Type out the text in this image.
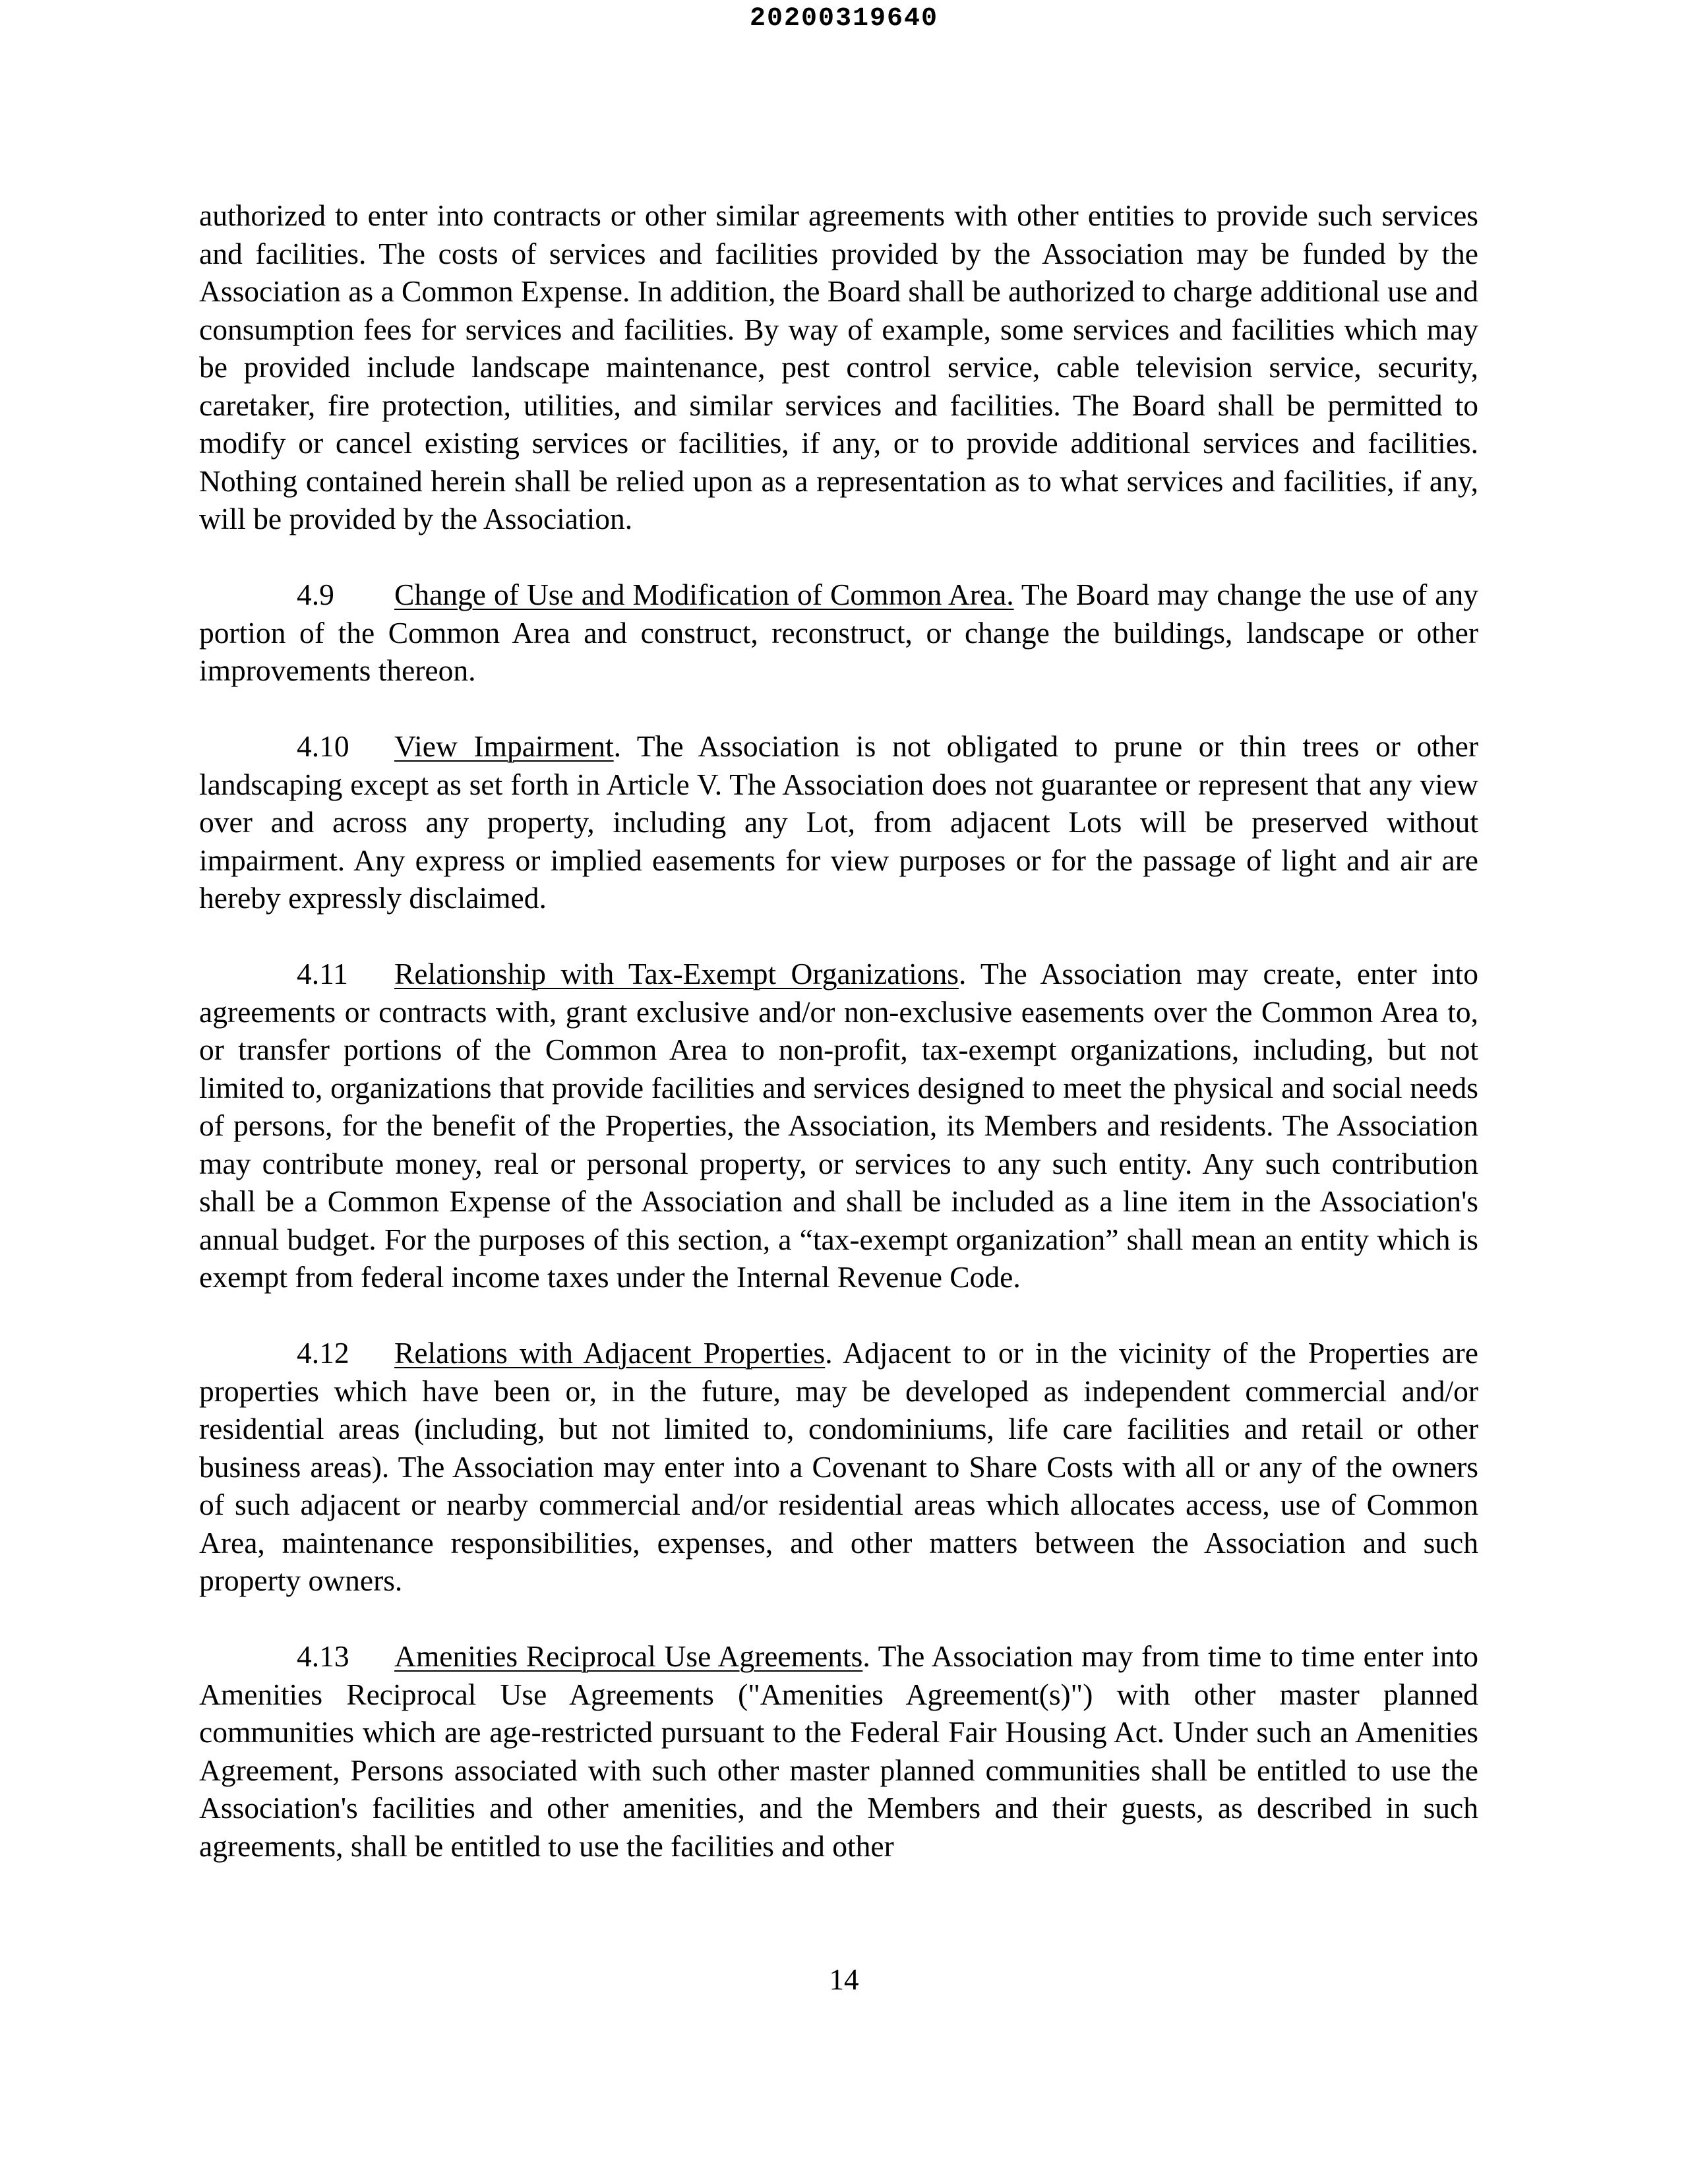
20200319640

authorized to enter into contracts or other similar agreements with other entities to provide such services and facilities. The costs of services and facilities provided by the Association may be funded by the Association as a Common Expense. In addition, the Board shall be authorized to charge additional use and consumption fees for services and facilities. By way of example, some services and facilities which may be provided include landscape maintenance, pest control service, cable television service, security, caretaker, fire protection, utilities, and similar services and facilities. The Board shall be permitted to modify or cancel existing services or facilities, if any, or to provide additional services and facilities. Nothing contained herein shall be relied upon as a representation as to what services and facilities, if any, will be provided by the Association.

4.9 Change of Use and Modification of Common Area. The Board may change the use of any portion of the Common Area and construct, reconstruct, or change the buildings, landscape or other improvements thereon.

4.10 View Impairment. The Association is not obligated to prune or thin trees or other landscaping except as set forth in Article V. The Association does not guarantee or represent that any view over and across any property, including any Lot, from adjacent Lots will be preserved without impairment. Any express or implied easements for view purposes or for the passage of light and air are hereby expressly disclaimed.

4.11 Relationship with Tax-Exempt Organizations. The Association may create, enter into agreements or contracts with, grant exclusive and/or non-exclusive easements over the Common Area to, or transfer portions of the Common Area to non-profit, tax-exempt organizations, including, but not limited to, organizations that provide facilities and services designed to meet the physical and social needs of persons, for the benefit of the Properties, the Association, its Members and residents. The Association may contribute money, real or personal property, or services to any such entity. Any such contribution shall be a Common Expense of the Association and shall be included as a line item in the Association's annual budget. For the purposes of this section, a “tax-exempt organization” shall mean an entity which is exempt from federal income taxes under the Internal Revenue Code.

4.12 Relations with Adjacent Properties. Adjacent to or in the vicinity of the Properties are properties which have been or, in the future, may be developed as independent commercial and/or residential areas (including, but not limited to, condominiums, life care facilities and retail or other business areas). The Association may enter into a Covenant to Share Costs with all or any of the owners of such adjacent or nearby commercial and/or residential areas which allocates access, use of Common Area, maintenance responsibilities, expenses, and other matters between the Association and such property owners.

4.13 Amenities Reciprocal Use Agreements. The Association may from time to time enter into Amenities Reciprocal Use Agreements ("Amenities Agreement(s)") with other master planned communities which are age-restricted pursuant to the Federal Fair Housing Act. Under such an Amenities Agreement, Persons associated with such other master planned communities shall be entitled to use the Association's facilities and other amenities, and the Members and their guests, as described in such agreements, shall be entitled to use the facilities and other

14
